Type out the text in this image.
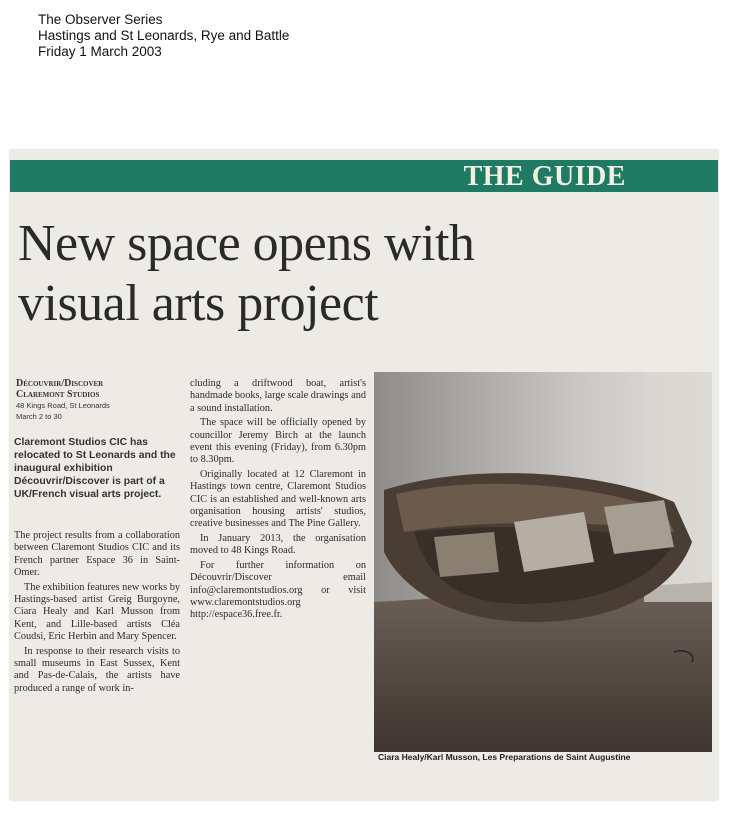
The Observer Series
Hastings and St Leonards, Rye and Battle
Friday 1 March 2003
THE GUIDE
New space opens with
visual arts project
Découvrir/Discover
Claremont Studios
48 Kings Road, St Leonards
March 2 to 30
Claremont Studios CIC has relocated to St Leonards and the inaugural exhibition Découvrir/Discover is part of a UK/French visual arts project.

The project results from a collaboration between Claremont Studios CIC and its French partner Espace 36 in Saint-Omer.

The exhibition features new works by Hastings-based artist Greig Burgoyne, Ciara Healy and Karl Musson from Kent, and Lille-based artists Cléa Coudsi, Eric Herbin and Mary Spencer.

In response to their research visits to small museums in East Sussex, Kent and Pas-de-Calais, the artists have produced a range of work in-

cluding a driftwood boat, artist's handmade books, large scale drawings and a sound installation.

The space will be officially opened by councillor Jeremy Birch at the launch event this evening (Friday), from 6.30pm to 8.30pm.

Originally located at 12 Claremont in Hastings town centre, Claremont Studios CIC is an established and well-known arts organisation housing artists' studios, creative businesses and The Pine Gallery.

In January 2013, the organisation moved to 48 Kings Road.

For further information on Découvrir/Discover email info@claremontstudios.org or visit www.claremontstudios.org http://espace36.free.fr.

Ciara Healy/Karl Musson, Les Preparations de Saint Augustine
